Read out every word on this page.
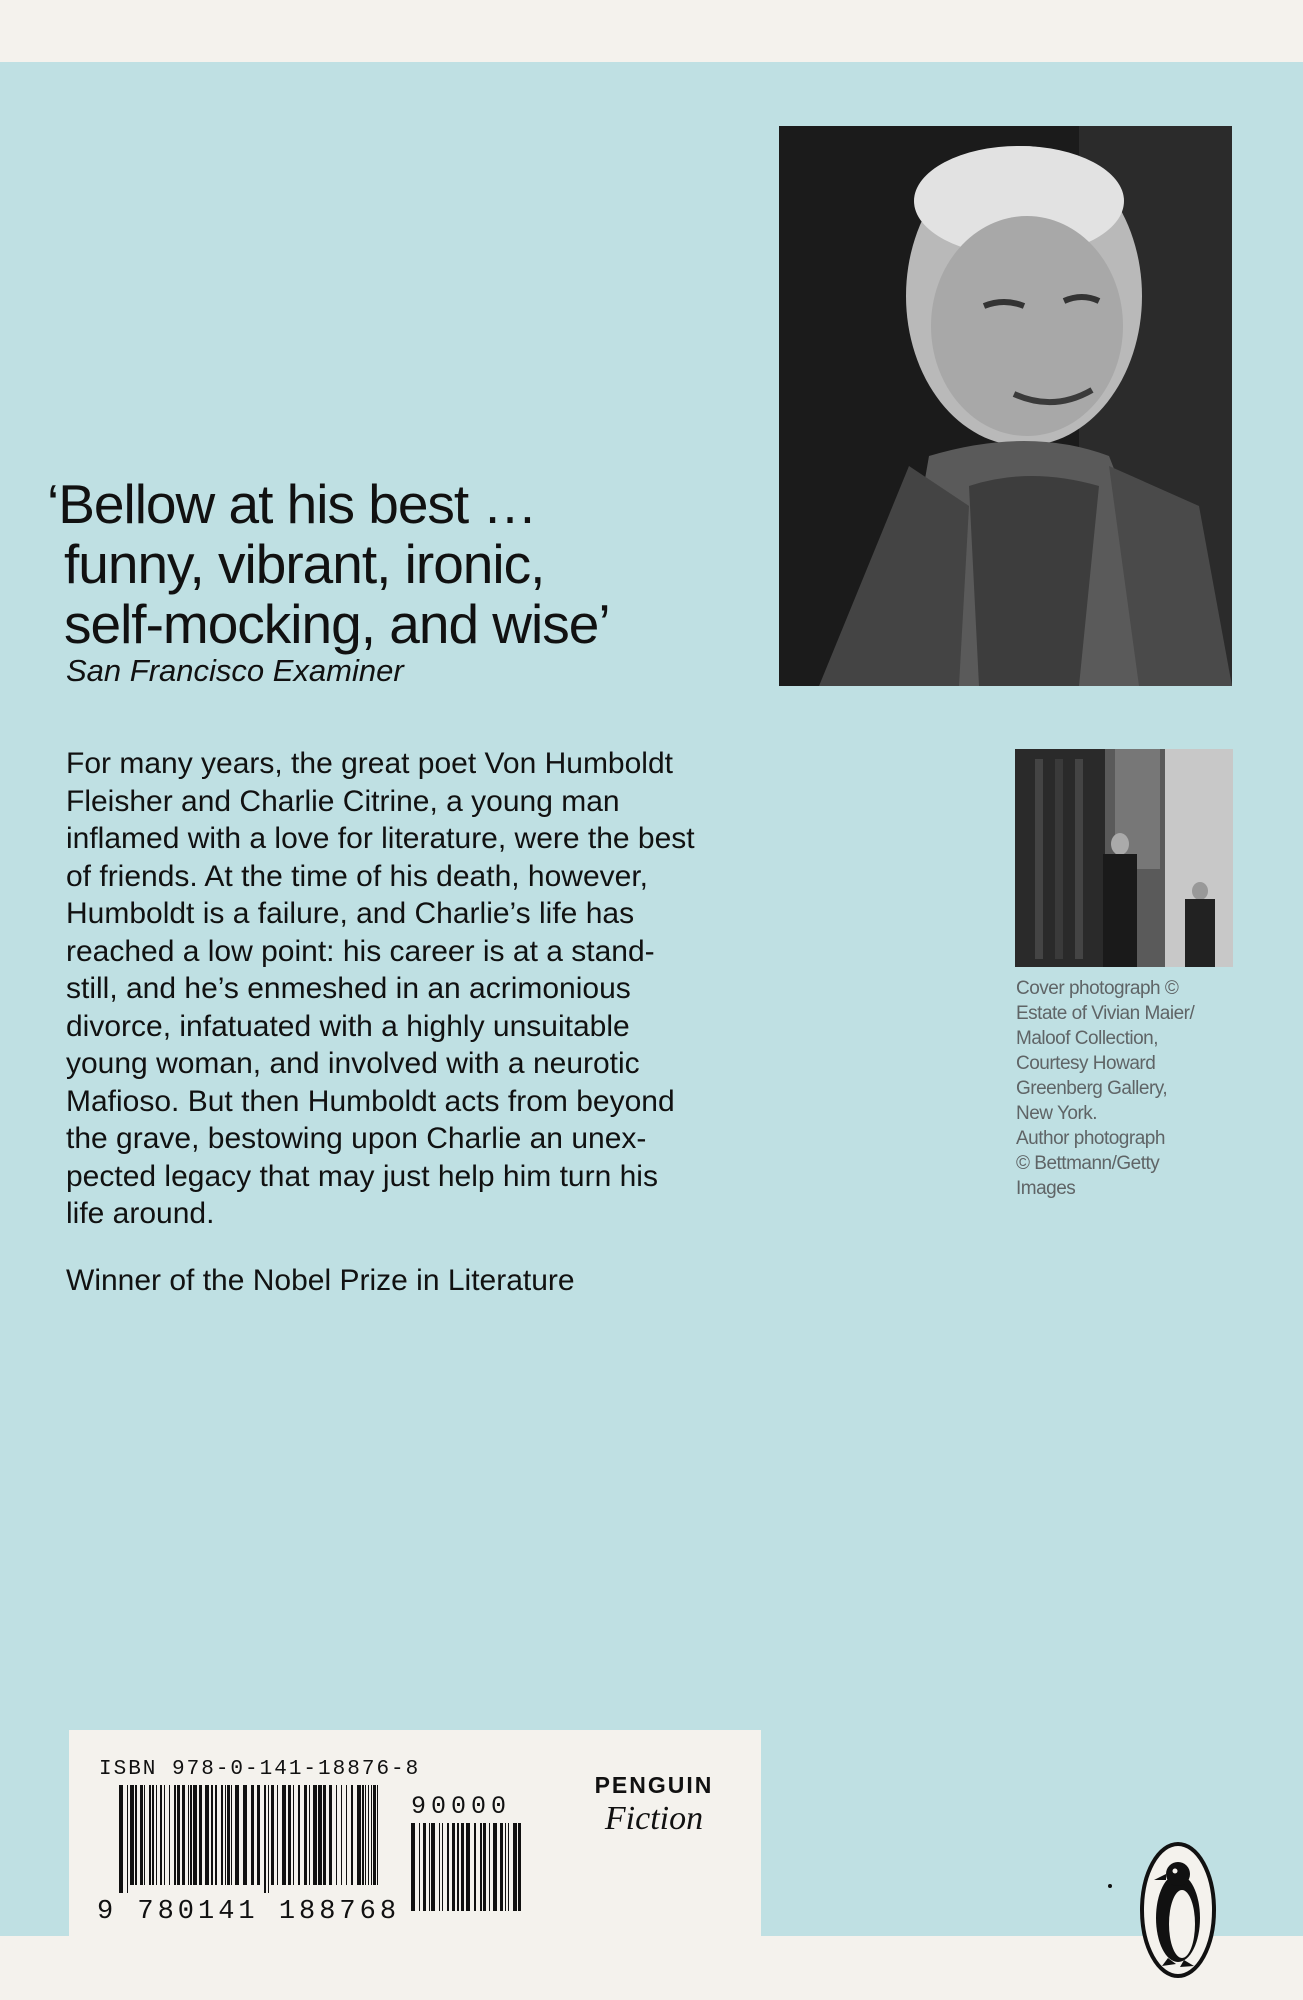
‘Bellow at his best …
funny, vibrant, ironic,
self-mocking, and wise’
San Francisco Examiner
For many years, the great poet Von Humboldt
Fleisher and Charlie Citrine, a young man
inflamed with a love for literature, were the best
of friends. At the time of his death, however,
Humboldt is a failure, and Charlie’s life has
reached a low point: his career is at a stand-
still, and he’s enmeshed in an acrimonious
divorce, infatuated with a highly unsuitable
young woman, and involved with a neurotic
Mafioso. But then Humboldt acts from beyond
the grave, bestowing upon Charlie an unex-
pected legacy that may just help him turn his
life around.
Winner of the Nobel Prize in Literature
Cover photograph ©
Estate of Vivian Maier/
Maloof Collection,
Courtesy Howard
Greenberg Gallery,
New York.
Author photograph
© Bettmann/Getty
Images
ISBN 978-0-141-18876-8
90000
9 780141 188768
PENGUIN
Fiction
